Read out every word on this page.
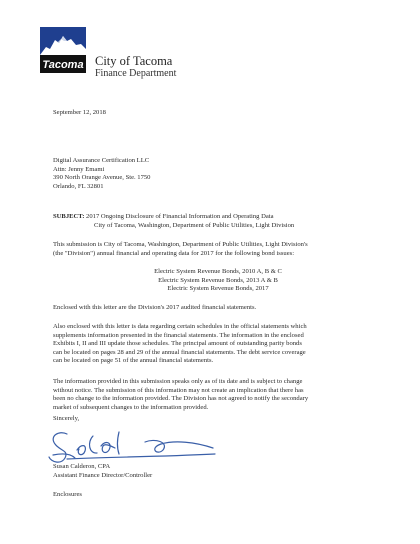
Tacoma City of Tacoma
Finance Department
September 12, 2018
Digital Assurance Certification LLC
Attn: Jenny Emami
390 North Orange Avenue, Ste. 1750
Orlando, FL 32801
SUBJECT: 2017 Ongoing Disclosure of Financial Information and Operating Data
City of Tacoma, Washington, Department of Public Utilities, Light Division
This submission is City of Tacoma, Washington, Department of Public Utilities, Light Division's
(the "Division") annual financial and operating data for 2017 for the following bond issues:
Electric System Revenue Bonds, 2010 A, B & C
Electric System Revenue Bonds, 2013 A & B
Electric System Revenue Bonds, 2017
Enclosed with this letter are the Division's 2017 audited financial statements.
Also enclosed with this letter is data regarding certain schedules in the official statements which
supplements information presented in the financial statements. The information in the enclosed
Exhibits I, II and III update those schedules. The principal amount of outstanding parity bonds
can be located on pages 28 and 29 of the annual financial statements. The debt service coverage
can be located on page 51 of the annual financial statements.
The information provided in this submission speaks only as of its date and is subject to change
without notice. The submission of this information may not create an implication that there has
been no change to the information provided. The Division has not agreed to notify the secondary
market of subsequent changes to the information provided.
Sincerely,
Susan Calderon, CPA
Assistant Finance Director/Controller
Enclosures
